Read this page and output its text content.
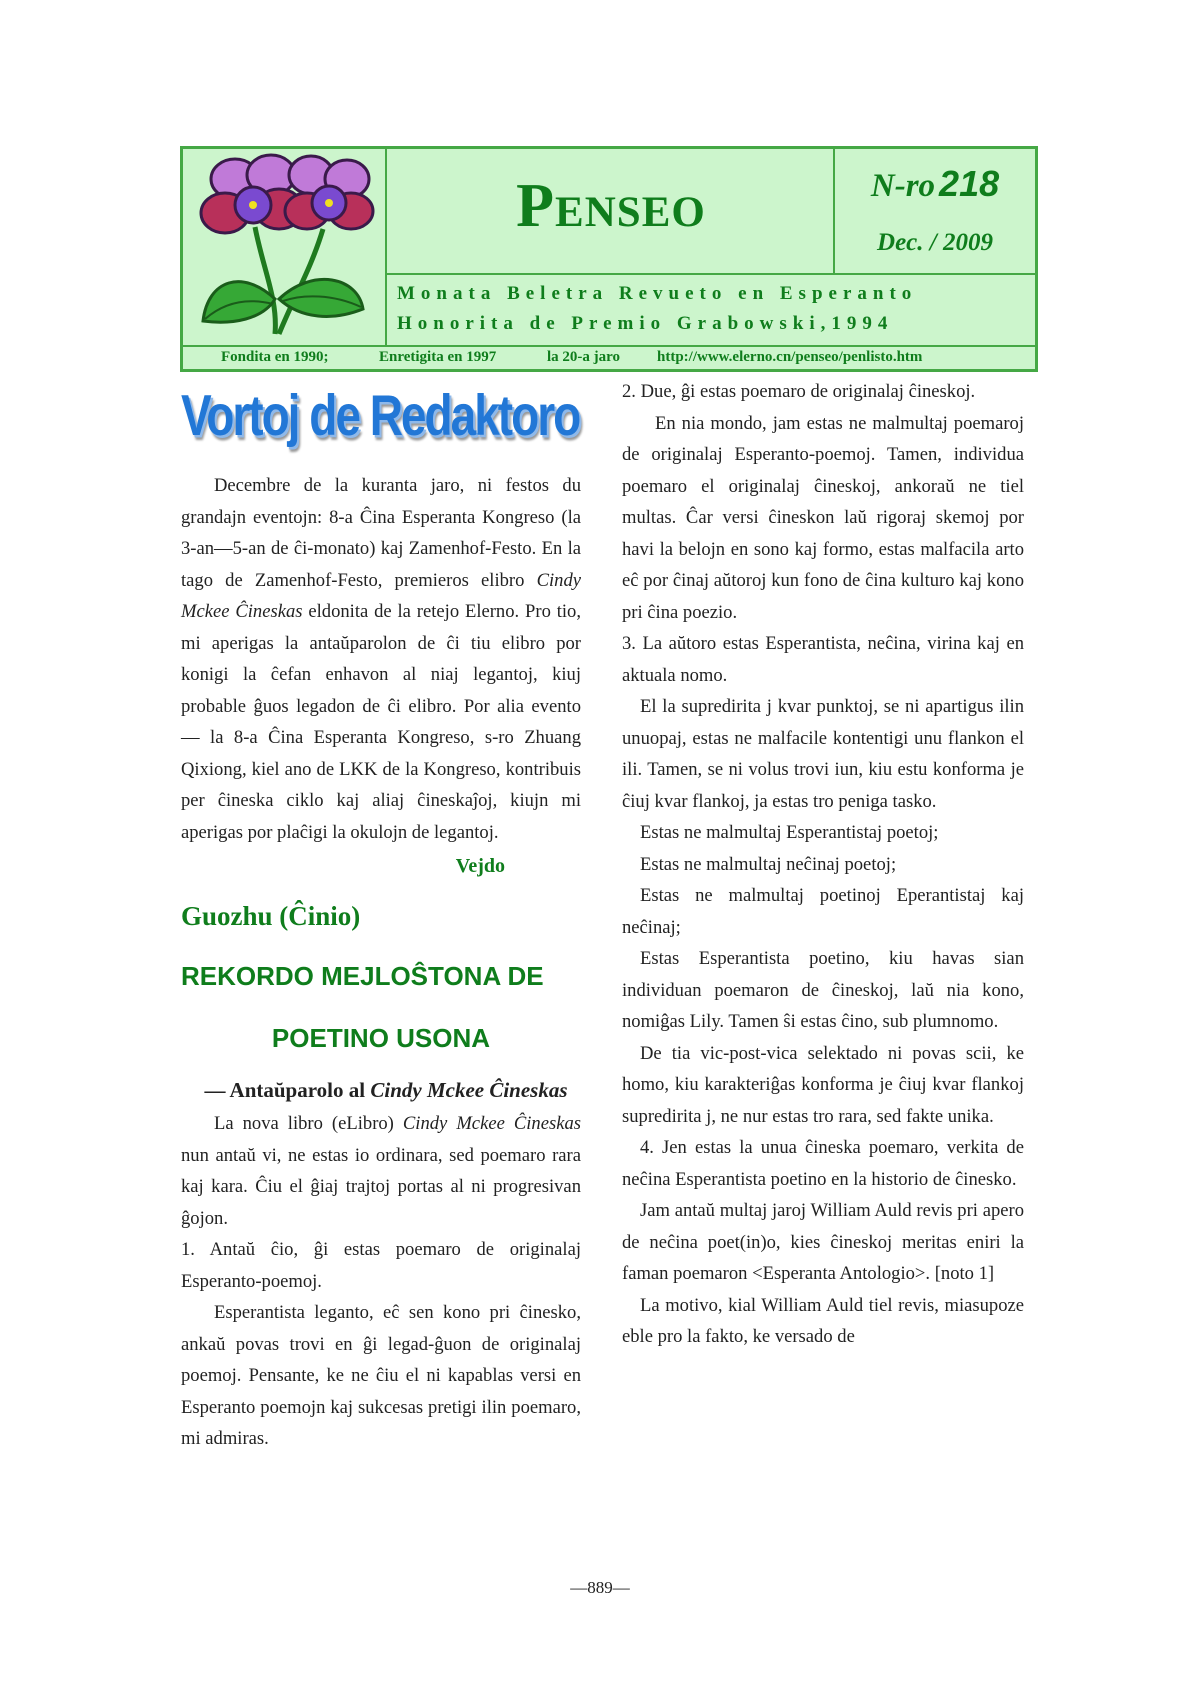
Penseo	N-ro 218
Dec. / 2009
Monata Beletra Revueto en Esperanto
Honorita de Premio Grabowski,1994
Fondita en 1990;	Enretigita en 1997	la 20-a jaro http://www.elerno.cn/penseo/penlisto.htm
Vortoj de Redaktoro

Decembre de la kuranta jaro, ni festos du grandajn eventojn: 8-a Ĉina Esperanta Kongreso (la 3-an—5-an de ĉi-monato) kaj Zamenhof-Festo. En la tago de Zamenhof-Festo, premieros elibro Cindy Mckee Ĉineskas eldonita de la retejo Elerno. Pro tio, mi aperigas la antaŭparolon de ĉi tiu elibro por konigi la ĉefan enhavon al niaj legantoj, kiuj probable ĝuos legadon de ĉi elibro. Por alia evento — la 8-a Ĉina Esperanta Kongreso, s-ro Zhuang Qixiong, kiel ano de LKK de la Kongreso, kontribuis per ĉineska ciklo kaj aliaj ĉineskaĵoj, kiujn mi aperigas por plaĉigi la okulojn de legantoj.

Vejdo
Guozhu (Ĉinio)
REKORDO MEJLOŜTONA DE
POETINO USONA
— Antaŭparolo al Cindy Mckee Ĉineskas

La nova libro (eLibro) Cindy Mckee Ĉineskas nun antaŭ vi, ne estas io ordinara, sed poemaro rara kaj kara. Ĉiu el ĝiaj trajtoj portas al ni progresivan ĝojon.

1. Antaŭ ĉio, ĝi estas poemaro de originalaj Esperanto-poemoj.

Esperantista leganto, eĉ sen kono pri ĉinesko, ankaŭ povas trovi en ĝi legad-ĝuon de originalaj poemoj. Pensante, ke ne ĉiu el ni kapablas versi en Esperanto poemojn kaj sukcesas pretigi ilin poemaro, mi admiras.

2. Due, ĝi estas poemaro de originalaj ĉineskoj.

En nia mondo, jam estas ne malmultaj poemaroj de originalaj Esperanto-poemoj. Tamen, individua poemaro el originalaj ĉineskoj, ankoraŭ ne tiel multas. Ĉar versi ĉineskon laŭ rigoraj skemoj por havi la belojn en sono kaj formo, estas malfacila arto eĉ por ĉinaj aŭtoroj kun fono de ĉina kulturo kaj kono pri ĉina poezio.

3. La aŭtoro estas Esperantista, neĉina, virina kaj en aktuala nomo.

El la supredirita j kvar punktoj, se ni apartigus ilin unuopaj, estas ne malfacile kontentigi unu flankon el ili. Tamen, se ni volus trovi iun, kiu estu konforma je ĉiuj kvar flankoj, ja estas tro peniga tasko.

Estas ne malmultaj Esperantistaj poetoj;

Estas ne malmultaj neĉinaj poetoj;

Estas ne malmultaj poetinoj Eperantistaj kaj neĉinaj;

Estas Esperantista poetino, kiu havas sian individuan poemaron de ĉineskoj, laŭ nia kono, nomiĝas Lily. Tamen ŝi estas ĉino, sub plumnomo.

De tia vic-post-vica selektado ni povas scii, ke homo, kiu karakteriĝas konforma je ĉiuj kvar flankoj supredirita j, ne nur estas tro rara, sed fakte unika.

4. Jen estas la unua ĉineska poemaro, verkita de neĉina Esperantista poetino en la historio de ĉinesko.

Jam antaŭ multaj jaroj William Auld revis pri apero de neĉina poet(in)o, kies ĉineskoj meritas eniri la faman poemaron <Esperanta Antologio>. [noto 1]

La motivo, kial William Auld tiel revis, miasupoze eble pro la fakto, ke versado de

—889—
